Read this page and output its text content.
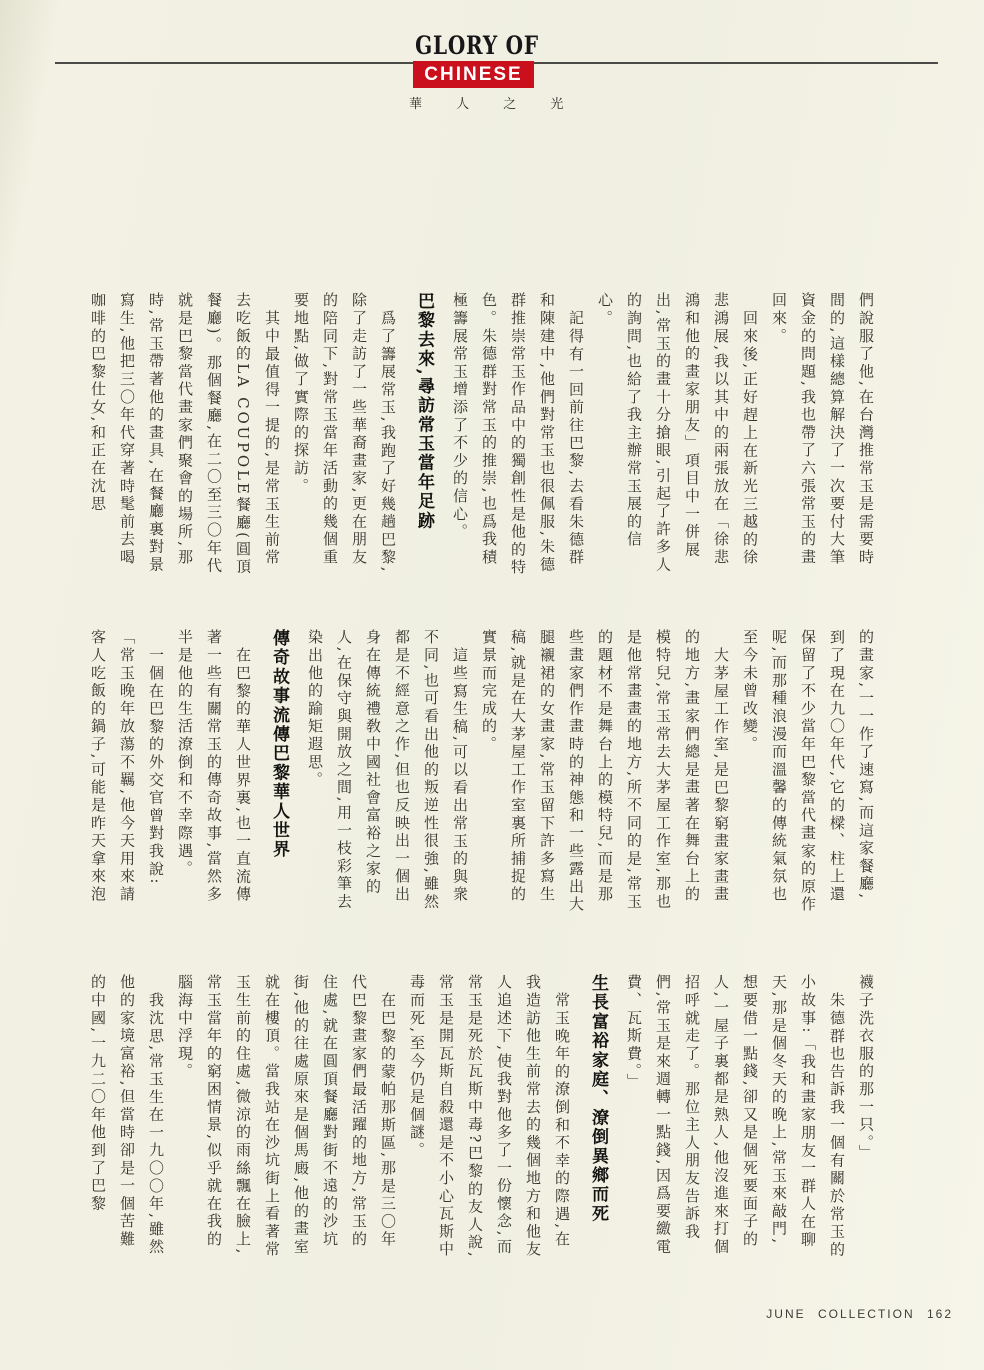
GLORY OF
CHINESE
華 人 之 光

們說服了他,在台灣推常玉是需要時間的,這樣總算解決了一次要付大筆資金的問題,我也帶了六張常玉的畫回來。

回來後,正好趕上在新光三越的徐悲鴻展,我以其中的兩張放在「徐悲鴻和他的畫家朋友」項目中一併展出,常玉的畫十分搶眼,引起了許多人的詢問,也給了我主辦常玉展的信心。

記得有一回前往巴黎,去看朱德群和陳建中,他們對常玉也很佩服,朱德群推崇常玉作品中的獨創性是他的特色。朱德群對常玉的推崇,也爲我積極籌展常玉增添了不少的信心。

巴黎去來,尋訪常玉當年足跡

爲了籌展常玉,我跑了好幾趟巴黎,除了走訪了一些華裔畫家,更在朋友的陪同下,對常玉當年活動的幾個重要地點,做了實際的探訪。

其中最值得一提的,是常玉生前常去吃飯的LA COUPOLE餐廳(圓頂餐廳)。那個餐廳,在二〇至三〇年代就是巴黎當代畫家們聚會的場所,那時,常玉帶著他的畫具,在餐廳裏對景寫生,他把三〇年代穿著時髦前去喝咖啡的巴黎仕女,和正在沈思

的畫家,一一作了速寫,而這家餐廳,到了現在九〇年代,它的樑、柱上還保留了不少當年巴黎當代畫家的原作呢,而那種浪漫而溫馨的傳統氣氛也至今未曾改變。

大茅屋工作室,是巴黎窮畫家畫畫的地方,畫家們總是畫著在舞台上的模特兒,常玉常去大茅屋工作室,那也是他常畫畫的地方,所不同的是,常玉的題材不是舞台上的模特兒,而是那些畫家們作畫時的神態和一些露出大腿襯裙的女畫家,常玉留下許多寫生稿,就是在大茅屋工作室裏所捕捉的實景而完成的。

這些寫生稿,可以看出常玉的與衆不同,也可看出他的叛逆性很強,雖然都是不經意之作,但也反映出一個出身在傳統禮敎中國社會富裕之家的人,在保守與開放之間,用一枝彩筆去染出他的踰矩遐思。

傳奇故事流傳巴黎華人世界

在巴黎的華人世界裏,也一直流傳著一些有關常玉的傳奇故事,當然多半是他的生活潦倒和不幸際遇。

一個在巴黎的外交官曾對我說:「常玉晚年放蕩不羈,他今天用來請客人吃飯的鍋子,可能是昨天拿來泡

襪子洗衣服的那一只。」

朱德群也告訴我一個有關於常玉的小故事:「我和畫家朋友一群人在聊天,那是個冬天的晚上,常玉來敲門,想要借一點錢,卻又是個死要面子的人,一屋子裏都是熟人,他沒進來打個招呼就走了。那位主人朋友告訴我們,常玉是來週轉一點錢,因爲要繳電費、瓦斯費。」

生長富裕家庭、潦倒異鄉而死

常玉晚年的潦倒和不幸的際遇,在我造訪他生前常去的幾個地方和他友人追述下,使我對他多了一份懷念,而常玉是死於瓦斯中毒?巴黎的友人說,常玉是開瓦斯自殺還是不小心瓦斯中毒而死,至今仍是個謎。

在巴黎的蒙帕那斯區,那是三〇年代巴黎畫家們最活躍的地方,常玉的住處,就在圓頂餐廳對街不遠的沙坑街,他的往處原來是個馬廄,他的畫室就在樓頂。當我站在沙坑街上看著常玉生前的住處,微涼的雨絲飄在臉上,常玉當年的窮困情景,似乎就在我的腦海中浮現。

我沈思,常玉生在一九〇〇年,雖然他的家境富裕,但當時卻是一個苦難的中國,一九二〇年他到了巴黎

JUNE COLLECTION 162
